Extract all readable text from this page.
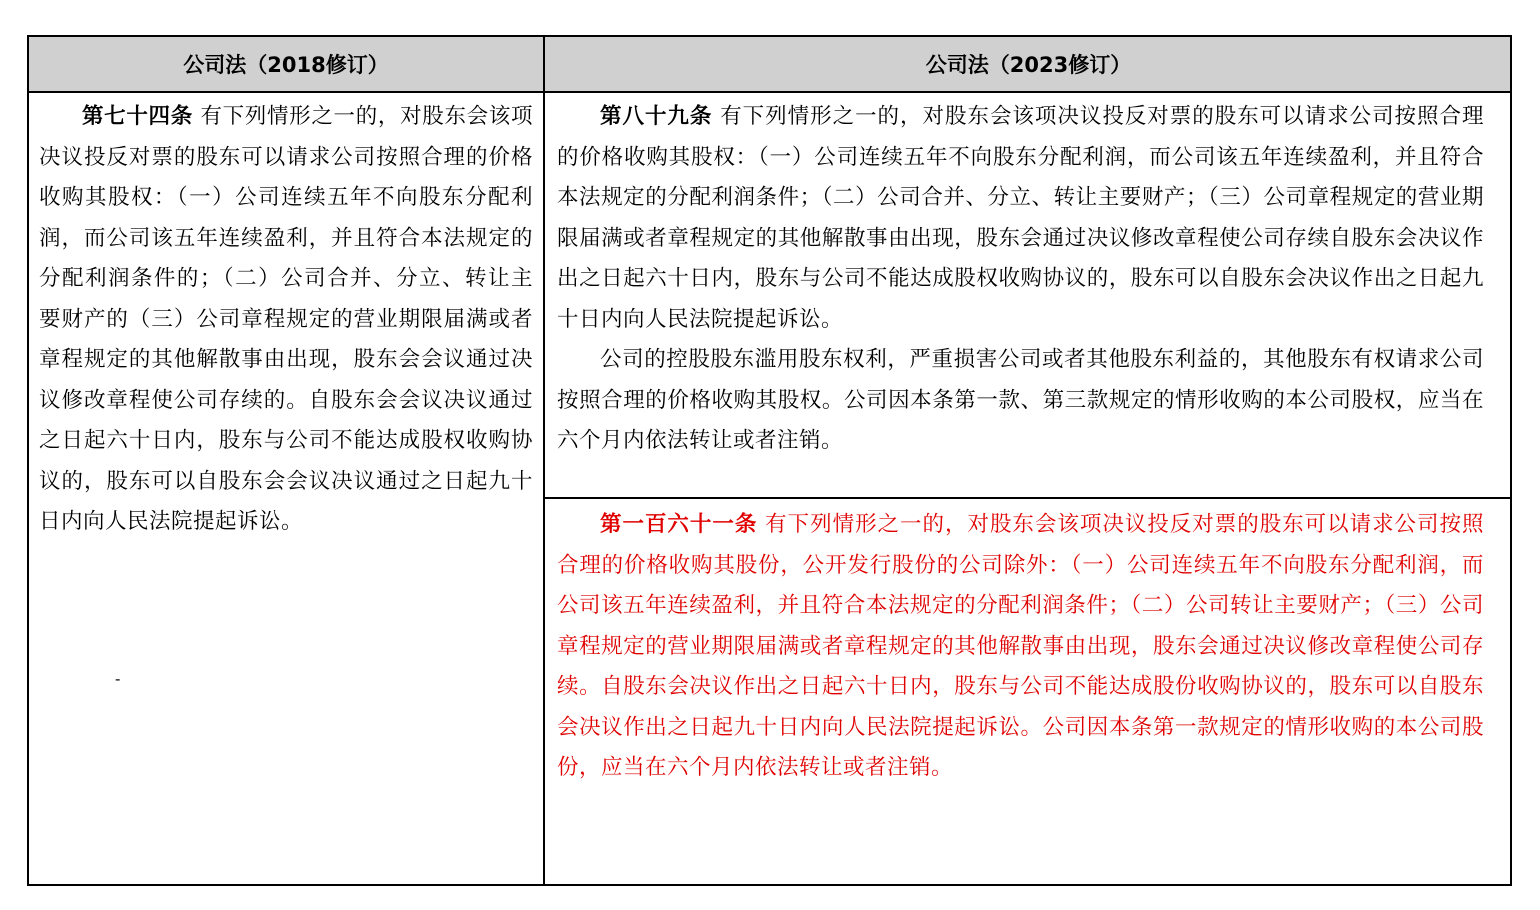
公司法（2018修订）	公司法（2023修订）

第七十四条 有下列情形之一的，对股东会该项决议投反对票的股东可以请求公司按照合理的价格收购其股权：（一）公司连续五年不向股东分配利润，而公司该五年连续盈利，并且符合本法规定的分配利润条件的；（二）公司合并、分立、转让主要财产的（三）公司章程规定的营业期限届满或者章程规定的其他解散事由出现，股东会会议通过决议修改章程使公司存续的。自股东会会议决议通过之日起六十日内，股东与公司不能达成股权收购协议的，股东可以自股东会会议决议通过之日起九十日内向人民法院提起诉讼。

-

第八十九条 有下列情形之一的，对股东会该项决议投反对票的股东可以请求公司按照合理的价格收购其股权：（一）公司连续五年不向股东分配利润，而公司该五年连续盈利，并且符合本法规定的分配利润条件；（二）公司合并、分立、转让主要财产；（三）公司章程规定的营业期限届满或者章程规定的其他解散事由出现，股东会通过决议修改章程使公司存续自股东会决议作出之日起六十日内，股东与公司不能达成股权收购协议的，股东可以自股东会决议作出之日起九十日内向人民法院提起诉讼。

公司的控股股东滥用股东权利，严重损害公司或者其他股东利益的，其他股东有权请求公司按照合理的价格收购其股权。公司因本条第一款、第三款规定的情形收购的本公司股权，应当在六个月内依法转让或者注销。

第一百六十一条 有下列情形之一的，对股东会该项决议投反对票的股东可以请求公司按照合理的价格收购其股份，公开发行股份的公司除外：（一）公司连续五年不向股东分配利润，而公司该五年连续盈利，并且符合本法规定的分配利润条件；（二）公司转让主要财产；（三）公司章程规定的营业期限届满或者章程规定的其他解散事由出现，股东会通过决议修改章程使公司存续。自股东会决议作出之日起六十日内，股东与公司不能达成股份收购协议的，股东可以自股东会决议作出之日起九十日内向人民法院提起诉讼。公司因本条第一款规定的情形收购的本公司股份，应当在六个月内依法转让或者注销。
